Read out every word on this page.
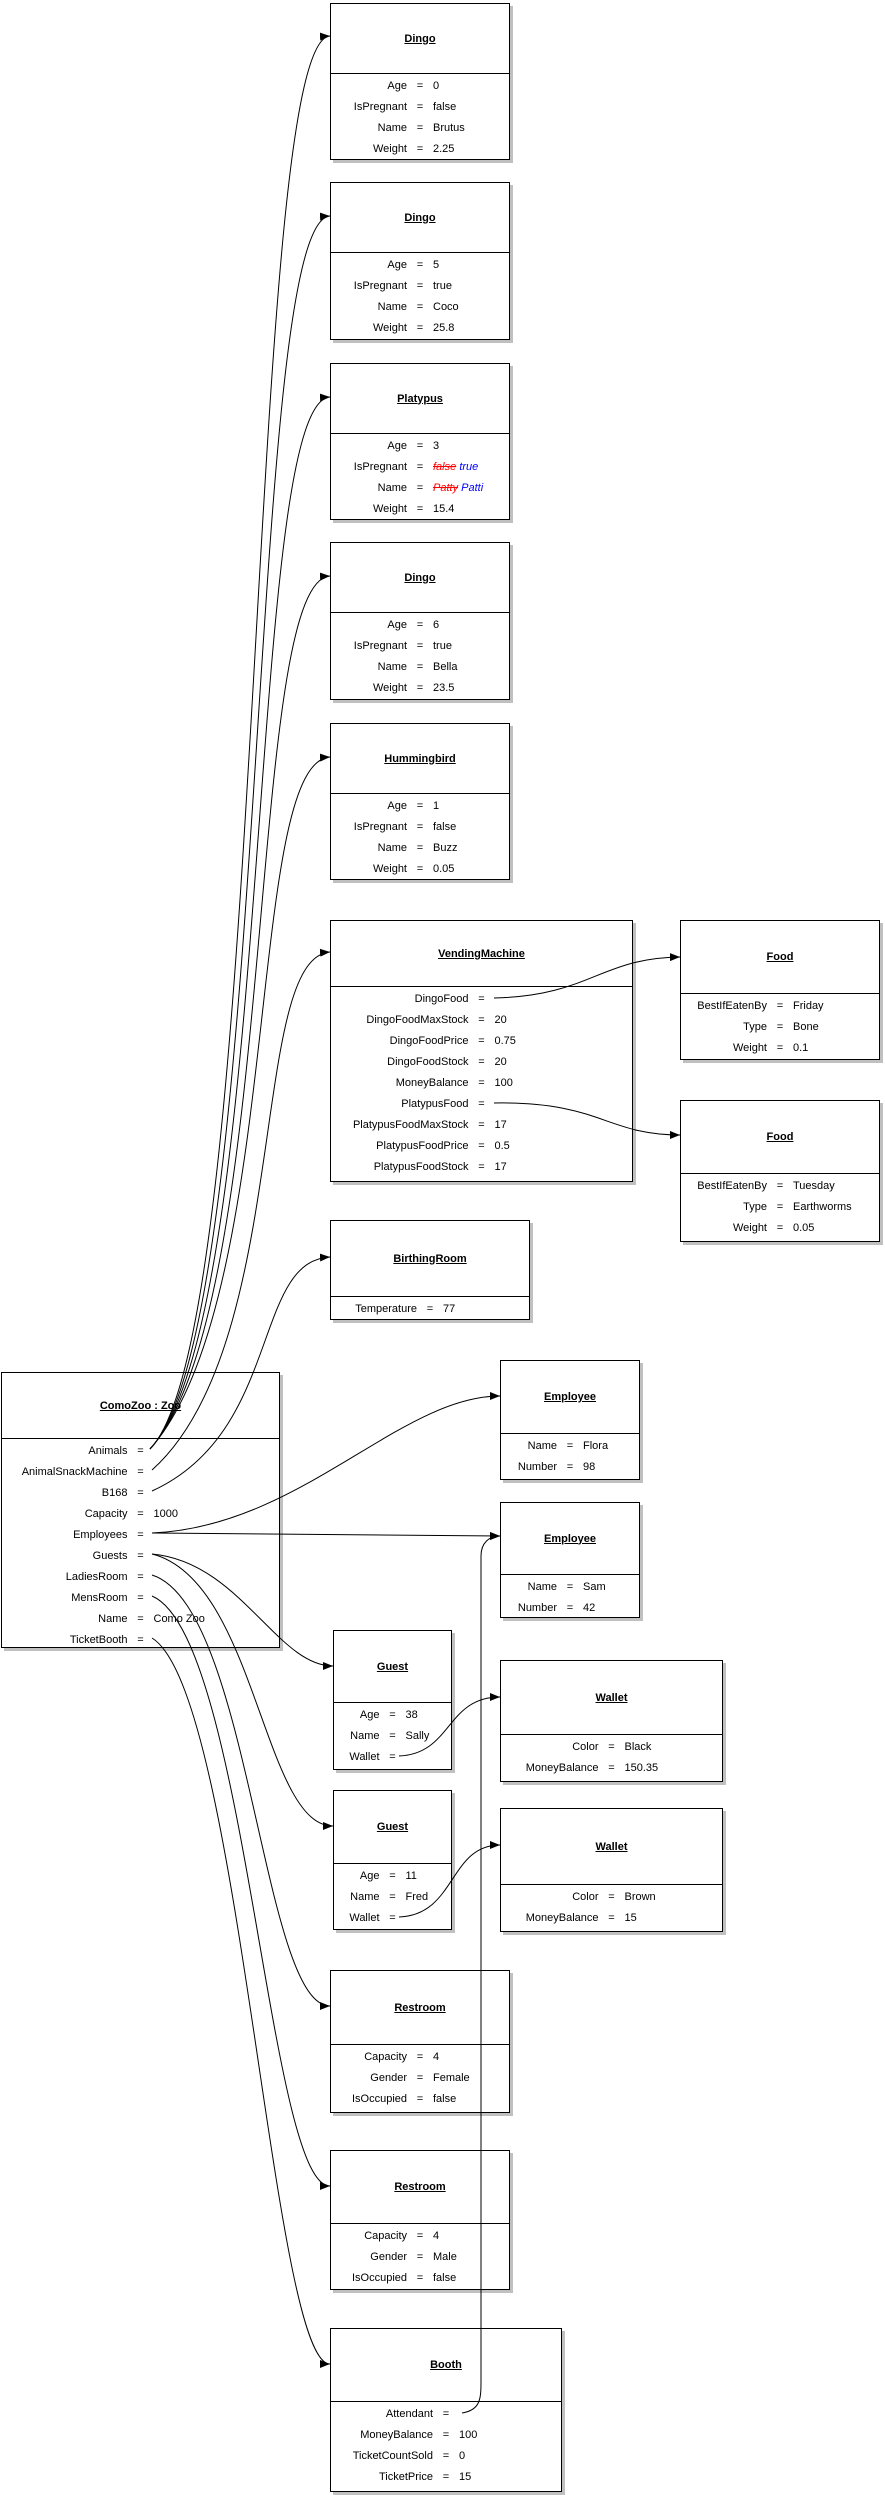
Dingo
Age = 0
IsPregnant = false
Name = Brutus
Weight = 2.25
Dingo
Age = 5
IsPregnant = true
Name = Coco
Weight = 25.8
Platypus
Age = 3
IsPregnant = false true
Name = Patty Patti
Weight = 15.4
Dingo
Age = 6
IsPregnant = true
Name = Bella
Weight = 23.5
Hummingbird
Age = 1
IsPregnant = false
Name = Buzz
Weight = 0.05
VendingMachine
DingoFood =
DingoFoodMaxStock = 20
DingoFoodPrice = 0.75
DingoFoodStock = 20
MoneyBalance = 100
PlatypusFood =
PlatypusFoodMaxStock = 17
PlatypusFoodPrice = 0.5
PlatypusFoodStock = 17
Food
BestIfEatenBy = Friday
Type = Bone
Weight = 0.1
Food
BestIfEatenBy = Tuesday
Type = Earthworms
Weight = 0.05
BirthingRoom
Temperature = 77
ComoZoo : Zoo
Animals =
AnimalSnackMachine =
B168 =
Capacity = 1000
Employees =
Guests =
LadiesRoom =
MensRoom =
Name = Como Zoo
TicketBooth =
Employee
Name = Flora
Number = 98
Employee
Name = Sam
Number = 42
Guest
Age = 38
Name = Sally
Wallet =
Guest
Age = 11
Name = Fred
Wallet =
Wallet
Color = Black
MoneyBalance = 150.35
Wallet
Color = Brown
MoneyBalance = 15
Restroom
Capacity = 4
Gender = Female
IsOccupied = false
Restroom
Capacity = 4
Gender = Male
IsOccupied = false
Booth
Attendant =
MoneyBalance = 100
TicketCountSold = 0
TicketPrice = 15
